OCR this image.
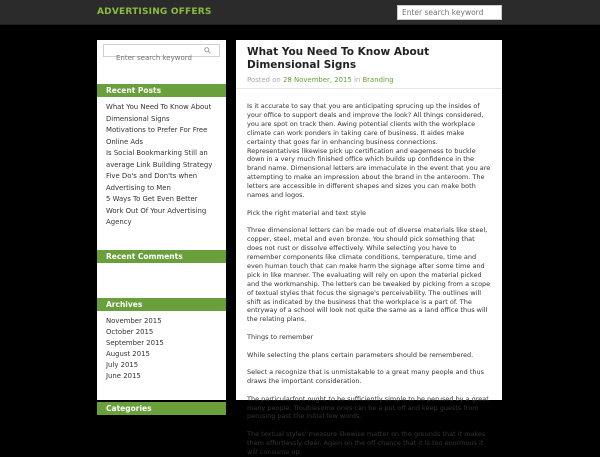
ADVERTISING OFFERS
Enter search keyword
Enter search keyword
Recent Posts
What You Need To Know About Dimensional Signs
Motivations to Prefer For Free Online Ads
Is Social Bookmarking Still an average Link Building Strategy
Five Do's and Don'ts when Advertising to Men
5 Ways To Get Even Better Work Out Of Your Advertising Agency
Recent Comments
Archives
November 2015
October 2015
September 2015
August 2015
July 2015
June 2015
Categories
What You Need To Know About Dimensional Signs
Posted on 28 November, 2015 in Branding

Is it accurate to say that you are anticipating sprucing up the insides of your office to support deals and improve the look? All things considered, you are spot on track then. Awing potential clients with the workplace climate can work ponders in taking care of business. It aides make certainty that goes far in enhancing business connections. Representatives likewise pick up certification and eagerness to buckle down in a very much finished office which builds up confidence in the brand name. Dimensional letters are immaculate in the event that you are attempting to make an impression about the brand in the anteroom. The letters are accessible in different shapes and sizes you can make both names and logos.

Pick the right material and text style

Three dimensional letters can be made out of diverse materials like steel, copper, steel, metal and even bronze. You should pick something that does not rust or dissolve effectively. While selecting you have to remember components like climate conditions, temperature, time and even human touch that can make harm the signage after some time and pick in like manner. The evaluating will rely on upon the material picked and the workmanship. The letters can be tweaked by picking from a scope of textual styles that focus the signage's perceivability. The outlines will shift as indicated by the business that the workplace is a part of. The entryway of a school will look not quite the same as a land office thus will the relating plans.

Things to remember

While selecting the plans certain parameters should be remembered.

Select a recognize that is unmistakable to a great many people and thus draws the important consideration.

The particularfont ought to be sufficiently simple to be perused by a great many people. Troublesome ones can be a put off and keep guests from perusing past the initial few words.

The textual styles' measure likewise matter on the grounds that it makes them effortlessly clear. Again on the off chance that it is too enormous it will consume up
